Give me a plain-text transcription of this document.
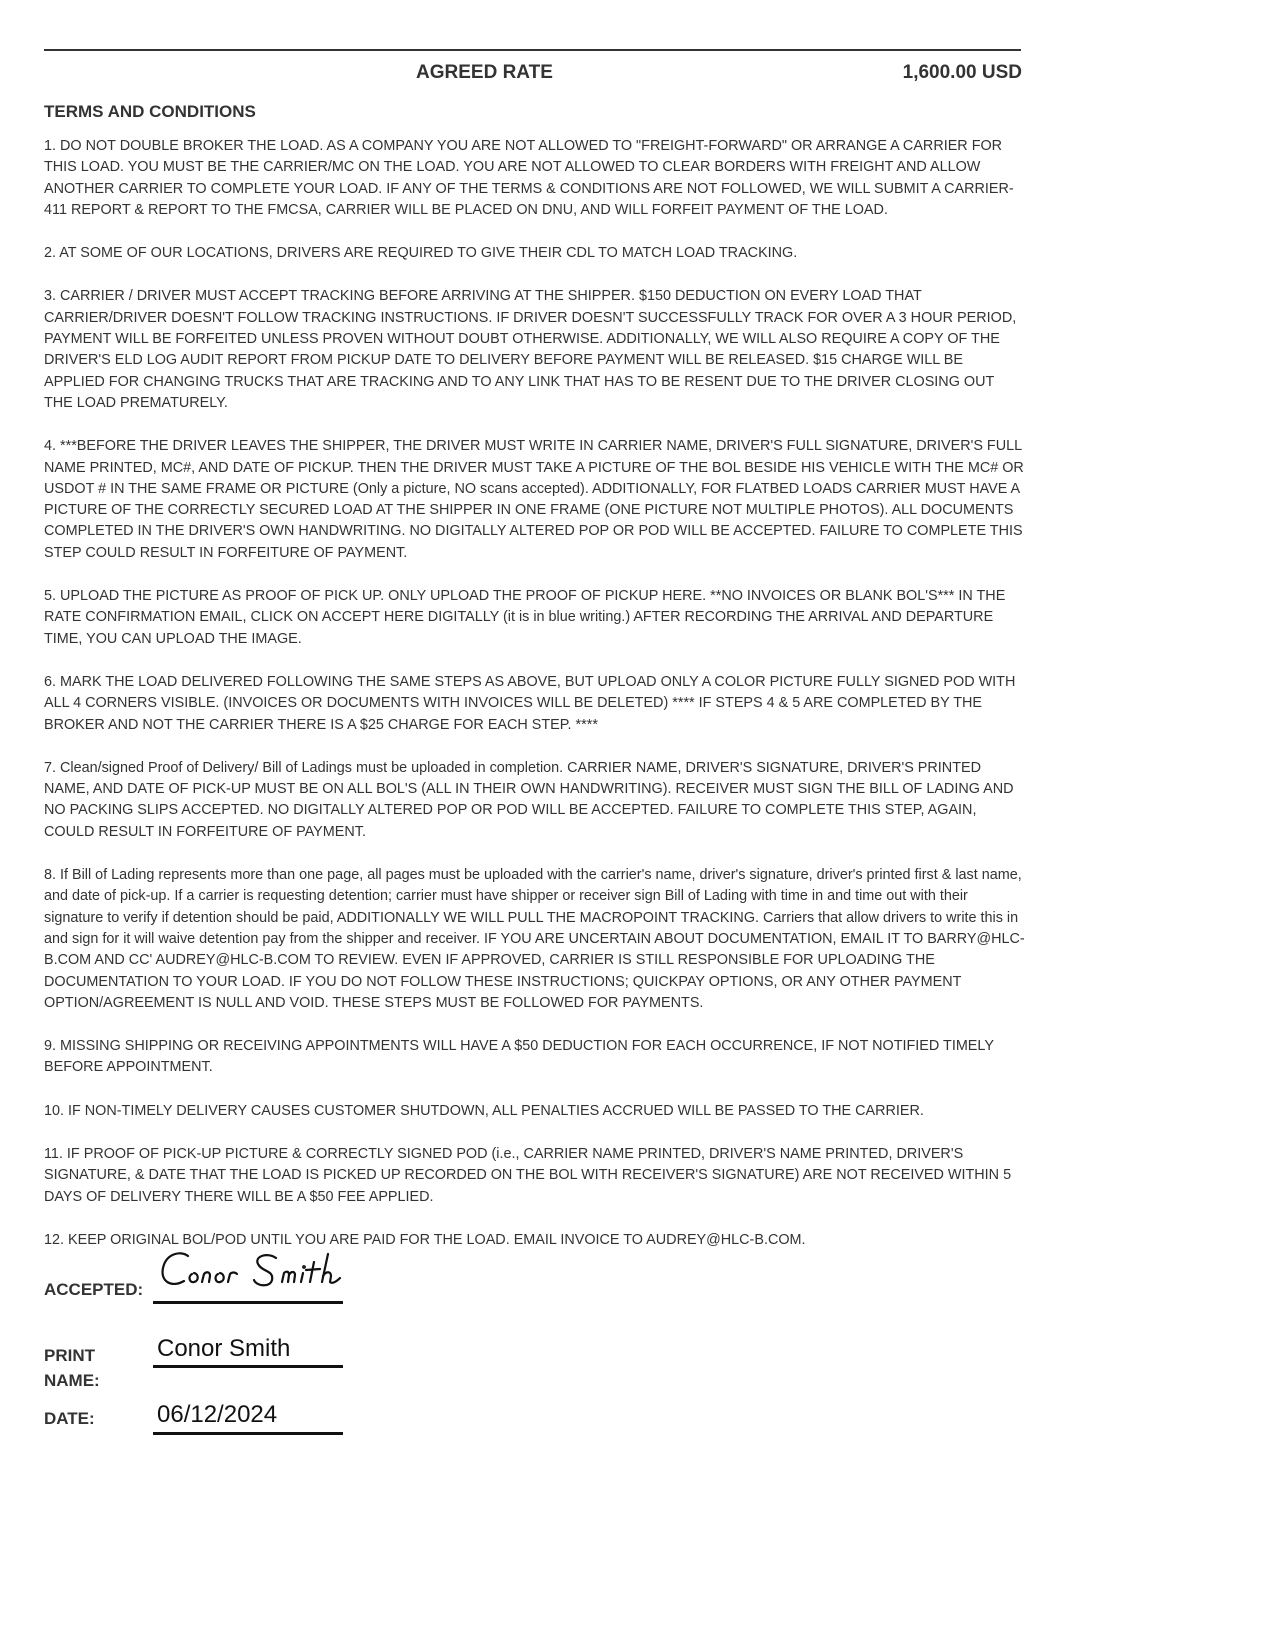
AGREED RATE	1,600.00 USD
TERMS AND CONDITIONS

1. DO NOT DOUBLE BROKER THE LOAD. AS A COMPANY YOU ARE NOT ALLOWED TO "FREIGHT-FORWARD" OR ARRANGE A CARRIER FOR THIS LOAD. YOU MUST BE THE CARRIER/MC ON THE LOAD. YOU ARE NOT ALLOWED TO CLEAR BORDERS WITH FREIGHT AND ALLOW ANOTHER CARRIER TO COMPLETE YOUR LOAD. IF ANY OF THE TERMS & CONDITIONS ARE NOT FOLLOWED, WE WILL SUBMIT A CARRIER-411 REPORT & REPORT TO THE FMCSA, CARRIER WILL BE PLACED ON DNU, AND WILL FORFEIT PAYMENT OF THE LOAD.

2. AT SOME OF OUR LOCATIONS, DRIVERS ARE REQUIRED TO GIVE THEIR CDL TO MATCH LOAD TRACKING.

3. CARRIER / DRIVER MUST ACCEPT TRACKING BEFORE ARRIVING AT THE SHIPPER. $150 DEDUCTION ON EVERY LOAD THAT CARRIER/DRIVER DOESN'T FOLLOW TRACKING INSTRUCTIONS. IF DRIVER DOESN'T SUCCESSFULLY TRACK FOR OVER A 3 HOUR PERIOD, PAYMENT WILL BE FORFEITED UNLESS PROVEN WITHOUT DOUBT OTHERWISE. ADDITIONALLY, WE WILL ALSO REQUIRE A COPY OF THE DRIVER'S ELD LOG AUDIT REPORT FROM PICKUP DATE TO DELIVERY BEFORE PAYMENT WILL BE RELEASED. $15 CHARGE WILL BE APPLIED FOR CHANGING TRUCKS THAT ARE TRACKING AND TO ANY LINK THAT HAS TO BE RESENT DUE TO THE DRIVER CLOSING OUT THE LOAD PREMATURELY.

4. ***BEFORE THE DRIVER LEAVES THE SHIPPER, THE DRIVER MUST WRITE IN CARRIER NAME, DRIVER'S FULL SIGNATURE, DRIVER'S FULL NAME PRINTED, MC#, AND DATE OF PICKUP. THEN THE DRIVER MUST TAKE A PICTURE OF THE BOL BESIDE HIS VEHICLE WITH THE MC# OR USDOT # IN THE SAME FRAME OR PICTURE (Only a picture, NO scans accepted). ADDITIONALLY, FOR FLATBED LOADS CARRIER MUST HAVE A PICTURE OF THE CORRECTLY SECURED LOAD AT THE SHIPPER IN ONE FRAME (ONE PICTURE NOT MULTIPLE PHOTOS). ALL DOCUMENTS COMPLETED IN THE DRIVER'S OWN HANDWRITING. NO DIGITALLY ALTERED POP OR POD WILL BE ACCEPTED. FAILURE TO COMPLETE THIS STEP COULD RESULT IN FORFEITURE OF PAYMENT.

5. UPLOAD THE PICTURE AS PROOF OF PICK UP. ONLY UPLOAD THE PROOF OF PICKUP HERE. **NO INVOICES OR BLANK BOL'S*** IN THE RATE CONFIRMATION EMAIL, CLICK ON ACCEPT HERE DIGITALLY (it is in blue writing.) AFTER RECORDING THE ARRIVAL AND DEPARTURE TIME, YOU CAN UPLOAD THE IMAGE.

6. MARK THE LOAD DELIVERED FOLLOWING THE SAME STEPS AS ABOVE, BUT UPLOAD ONLY A COLOR PICTURE FULLY SIGNED POD WITH ALL 4 CORNERS VISIBLE. (INVOICES OR DOCUMENTS WITH INVOICES WILL BE DELETED) **** IF STEPS 4 & 5 ARE COMPLETED BY THE BROKER AND NOT THE CARRIER THERE IS A $25 CHARGE FOR EACH STEP. ****

7. Clean/signed Proof of Delivery/ Bill of Ladings must be uploaded in completion. CARRIER NAME, DRIVER'S SIGNATURE, DRIVER'S PRINTED NAME, AND DATE OF PICK-UP MUST BE ON ALL BOL'S (ALL IN THEIR OWN HANDWRITING). RECEIVER MUST SIGN THE BILL OF LADING AND NO PACKING SLIPS ACCEPTED. NO DIGITALLY ALTERED POP OR POD WILL BE ACCEPTED. FAILURE TO COMPLETE THIS STEP, AGAIN, COULD RESULT IN FORFEITURE OF PAYMENT.

8. If Bill of Lading represents more than one page, all pages must be uploaded with the carrier's name, driver's signature, driver's printed first & last name, and date of pick-up. If a carrier is requesting detention; carrier must have shipper or receiver sign Bill of Lading with time in and time out with their signature to verify if detention should be paid, ADDITIONALLY WE WILL PULL THE MACROPOINT TRACKING. Carriers that allow drivers to write this in and sign for it will waive detention pay from the shipper and receiver. IF YOU ARE UNCERTAIN ABOUT DOCUMENTATION, EMAIL IT TO BARRY@HLC-B.COM AND CC' AUDREY@HLC-B.COM TO REVIEW. EVEN IF APPROVED, CARRIER IS STILL RESPONSIBLE FOR UPLOADING THE DOCUMENTATION TO YOUR LOAD. IF YOU DO NOT FOLLOW THESE INSTRUCTIONS; QUICKPAY OPTIONS, OR ANY OTHER PAYMENT OPTION/AGREEMENT IS NULL AND VOID. THESE STEPS MUST BE FOLLOWED FOR PAYMENTS.

9. MISSING SHIPPING OR RECEIVING APPOINTMENTS WILL HAVE A $50 DEDUCTION FOR EACH OCCURRENCE, IF NOT NOTIFIED TIMELY BEFORE APPOINTMENT.

10. IF NON-TIMELY DELIVERY CAUSES CUSTOMER SHUTDOWN, ALL PENALTIES ACCRUED WILL BE PASSED TO THE CARRIER.

11. IF PROOF OF PICK-UP PICTURE & CORRECTLY SIGNED POD (i.e., CARRIER NAME PRINTED, DRIVER'S NAME PRINTED, DRIVER'S SIGNATURE, & DATE THAT THE LOAD IS PICKED UP RECORDED ON THE BOL WITH RECEIVER'S SIGNATURE) ARE NOT RECEIVED WITHIN 5 DAYS OF DELIVERY THERE WILL BE A $50 FEE APPLIED.

12. KEEP ORIGINAL BOL/POD UNTIL YOU ARE PAID FOR THE LOAD. EMAIL INVOICE TO AUDREY@HLC-B.COM.

ACCEPTED:
PRINT
NAME:
Conor Smith
DATE:	06/12/2024
